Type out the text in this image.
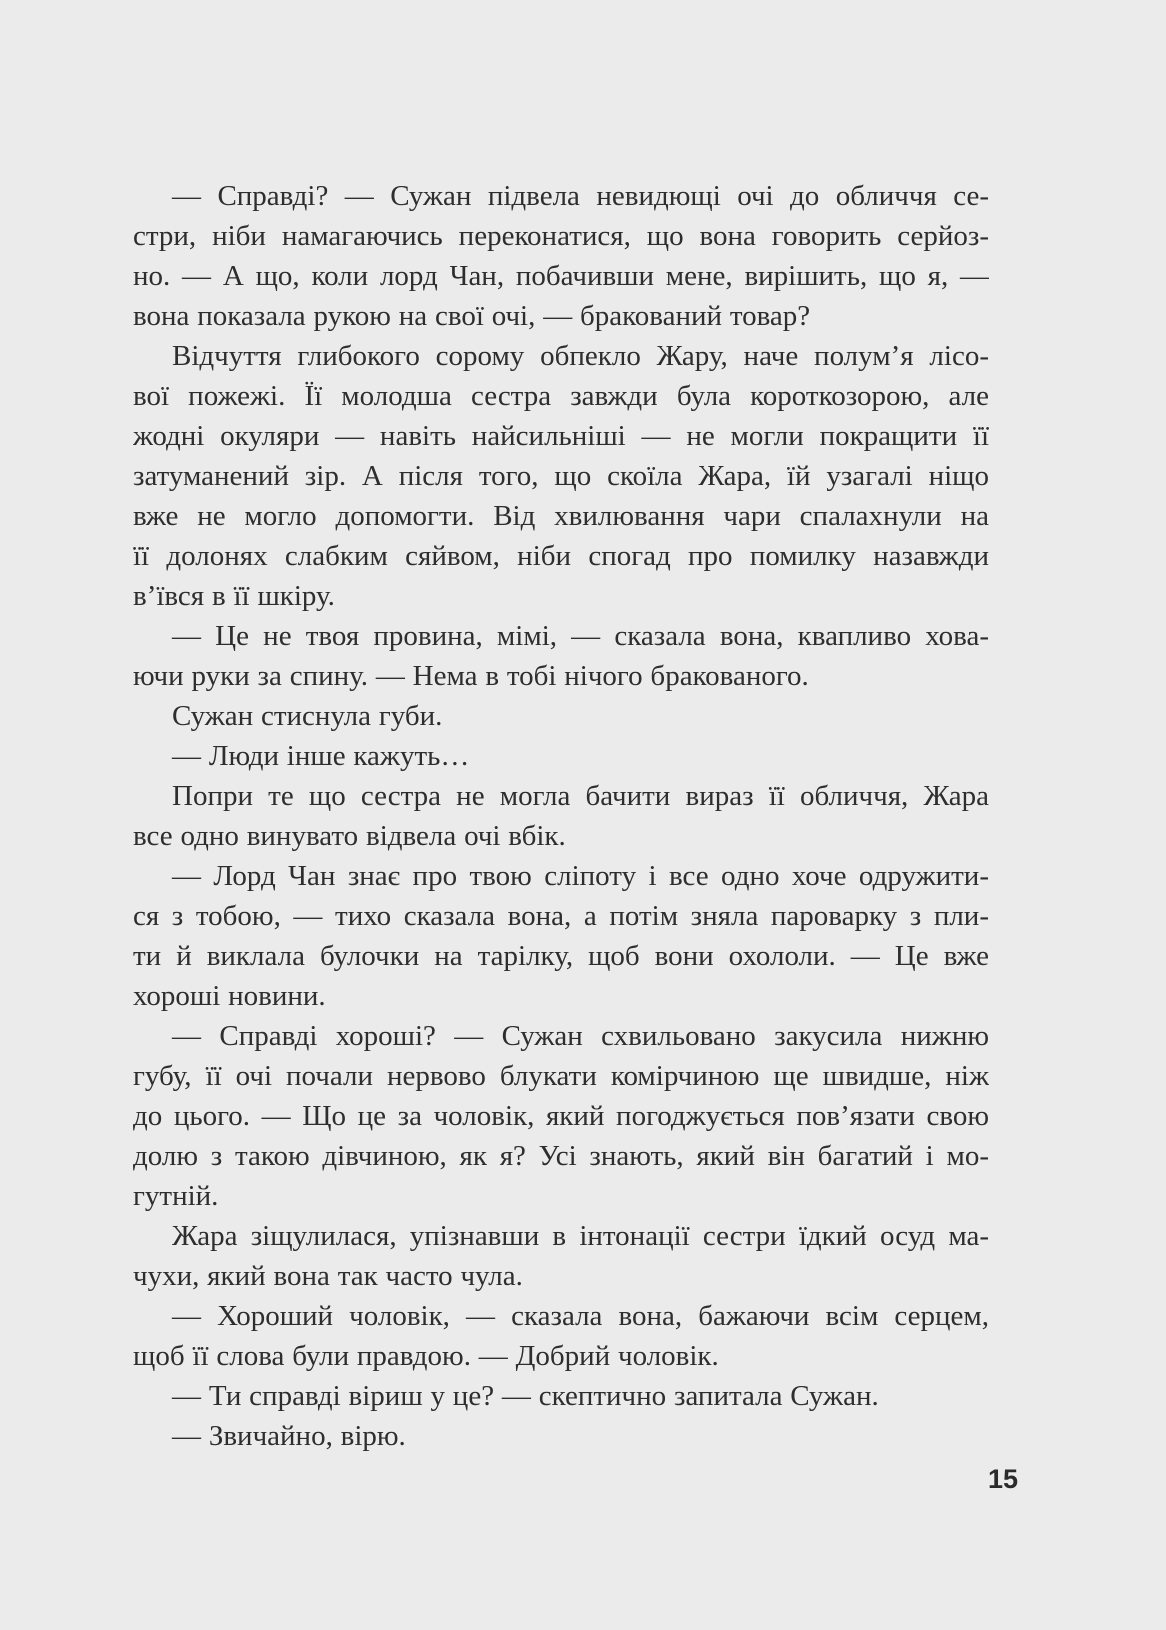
— Справді? — Сужан підвела невидющі очі до обличчя се-
стри, ніби намагаючись переконатися, що вона говорить серйоз-
но. — А що, коли лорд Чан, побачивши мене, вирішить, що я, —
вона показала рукою на свої очі, — бракований товар?

Відчуття глибокого сорому обпекло Жару, наче полум’я лісо-
вої пожежі. Її молодша сестра завжди була короткозорою, але
жодні окуляри — навіть найсильніші — не могли покращити її
затуманений зір. А після того, що скоїла Жара, їй узагалі ніщо
вже не могло допомогти. Від хвилювання чари спалахнули на
її долонях слабким сяйвом, ніби спогад про помилку назавжди
в’ївся в її шкіру.

— Це не твоя провина, мімі, — сказала вона, квапливо хова-
ючи руки за спину. — Нема в тобі нічого бракованого.

Сужан стиснула губи.

— Люди інше кажуть…

Попри те що сестра не могла бачити вираз її обличчя, Жара
все одно винувато відвела очі вбік.

— Лорд Чан знає про твою сліпоту і все одно хоче одружити-
ся з тобою, — тихо сказала вона, а потім зняла пароварку з пли-
ти й виклала булочки на тарілку, щоб вони охололи. — Це вже
хороші новини.

— Справді хороші? — Сужан схвильовано закусила нижню
губу, її очі почали нервово блукати комірчиною ще швидше, ніж
до цього. — Що це за чоловік, який погоджується пов’язати свою
долю з такою дівчиною, як я? Усі знають, який він багатий і мо-
гутній.

Жара зіщулилася, упізнавши в інтонації сестри їдкий осуд ма-
чухи, який вона так часто чула.

— Хороший чоловік, — сказала вона, бажаючи всім серцем,
щоб її слова були правдою. — Добрий чоловік.

— Ти справді віриш у це? — скептично запитала Сужан.

— Звичайно, вірю.

15
